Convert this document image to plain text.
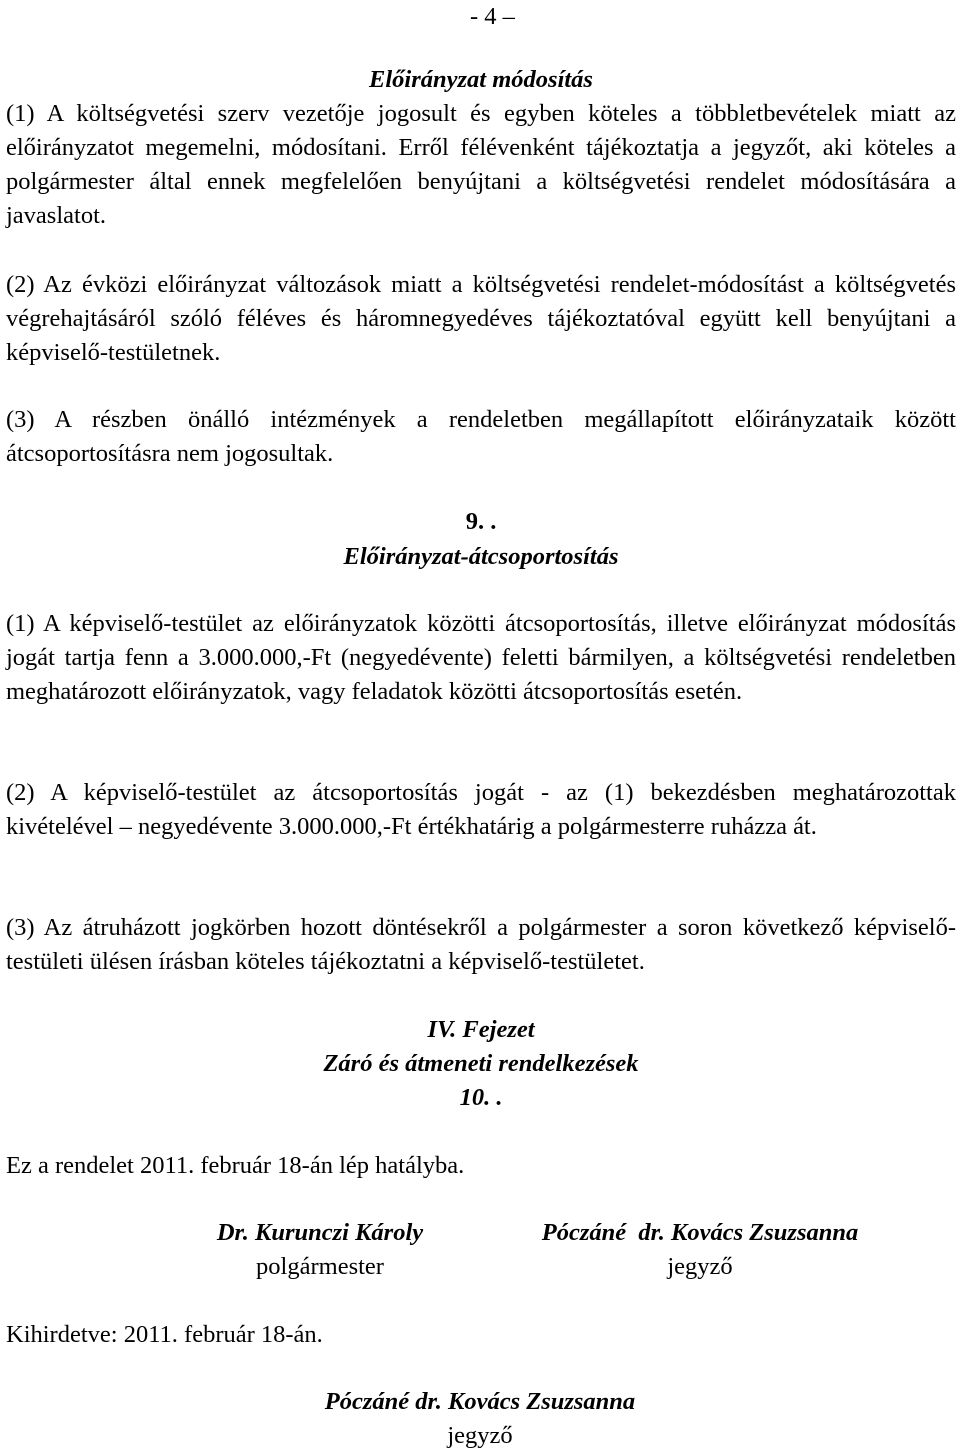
- 4 –
Előirányzat módosítás

(1) A költségvetési szerv vezetője jogosult és egyben köteles a többletbevételek miatt az előirányzatot megemelni, módosítani. Erről félévenként tájékoztatja a jegyzőt, aki köteles a polgármester által ennek megfelelően benyújtani a költségvetési rendelet módosítására a javaslatot.

(2) Az évközi előirányzat változások miatt a költségvetési rendelet-módosítást a költségvetés végrehajtásáról szóló féléves és háromnegyedéves tájékoztatóval együtt kell benyújtani a képviselő-testületnek.

(3) A részben önálló intézmények a rendeletben megállapított előirányzataik között átcsoportosításra nem jogosultak.

9. .
Előirányzat-átcsoportosítás

(1) A képviselő-testület az előirányzatok közötti átcsoportosítás, illetve előirányzat módosítás jogát tartja fenn a 3.000.000,-Ft (negyedévente) feletti bármilyen, a költségvetési rendeletben meghatározott előirányzatok, vagy feladatok közötti átcsoportosítás esetén.

(2) A képviselő-testület az átcsoportosítás jogát - az (1) bekezdésben meghatározottak kivételével – negyedévente 3.000.000,-Ft értékhatárig a polgármesterre ruházza át.

(3) Az átruházott jogkörben hozott döntésekről a polgármester a soron következő képviselő-testületi ülésen írásban köteles tájékoztatni a képviselő-testületet.

IV. Fejezet
Záró és átmeneti rendelkezések
10. .
Ez a rendelet 2011. február 18-án lép hatályba.
Dr. Kurunczi Károly
polgármester
Póczáné  dr. Kovács Zsuzsanna
jegyző
Kihirdetve: 2011. február 18-án.
Póczáné dr. Kovács Zsuzsanna
jegyző
